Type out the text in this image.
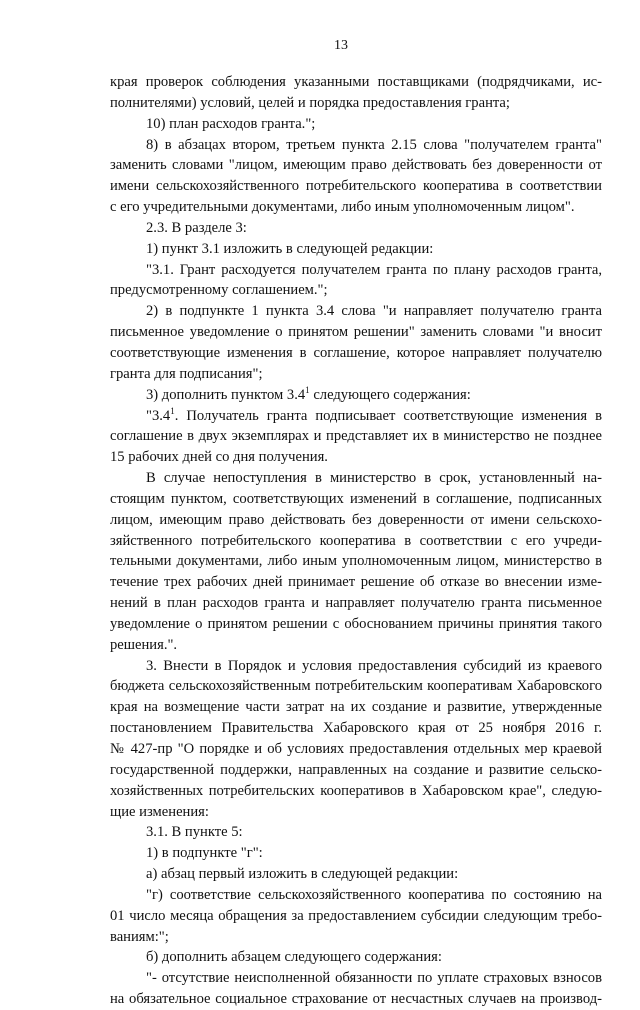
13
края проверок соблюдения указанными поставщиками (подрядчиками, ис-
полнителями) условий, целей и порядка предоставления гранта;
10) план расходов гранта.";
8) в абзацах втором, третьем пункта 2.15 слова "получателем гранта"
заменить словами "лицом, имеющим право действовать без доверенности от
имени сельскохозяйственного потребительского кооператива в соответствии
с его учредительными документами, либо иным уполномоченным лицом".
2.3. В разделе 3:
1) пункт 3.1 изложить в следующей редакции:
"3.1. Грант расходуется получателем гранта по плану расходов гранта,
предусмотренному соглашением.";
2) в подпункте 1 пункта 3.4 слова "и направляет получателю гранта
письменное уведомление о принятом решении" заменить словами "и вносит
соответствующие изменения в соглашение, которое направляет получателю
гранта для подписания";
3) дополнить пунктом $3.4^1$ следующего содержания:
"$3.4^1$. Получатель гранта подписывает соответствующие изменения в
соглашение в двух экземплярах и представляет их в министерство не позднее
15 рабочих дней со дня получения.
В случае непоступления в министерство в срок, установленный на-
стоящим пунктом, соответствующих изменений в соглашение, подписанных
лицом, имеющим право действовать без доверенности от имени сельскохо-
зяйственного потребительского кооператива в соответствии с его учреди-
тельными документами, либо иным уполномоченным лицом, министерство в
течение трех рабочих дней принимает решение об отказе во внесении изме-
нений в план расходов гранта и направляет получателю гранта письменное
уведомление о принятом решении с обоснованием причины принятия такого
решения.".
3. Внести в Порядок и условия предоставления субсидий из краевого
бюджета сельскохозяйственным потребительским кооперативам Хабаровского
края на возмещение части затрат на их создание и развитие, утвержденные
постановлением Правительства Хабаровского края от 25 ноября 2016 г.
№ 427-пр "О порядке и об условиях предоставления отдельных мер краевой
государственной поддержки, направленных на создание и развитие сельско-
хозяйственных потребительских кооперативов в Хабаровском крае", следую-
щие изменения:
3.1. В пункте 5:
1) в подпункте "г":
а) абзац первый изложить в следующей редакции:
"г) соответствие сельскохозяйственного кооператива по состоянию на
01 число месяца обращения за предоставлением субсидии следующим требо-
ваниям:";
б) дополнить абзацем следующего содержания:
"- отсутствие неисполненной обязанности по уплате страховых взносов
на обязательное социальное страхование от несчастных случаев на производ-
